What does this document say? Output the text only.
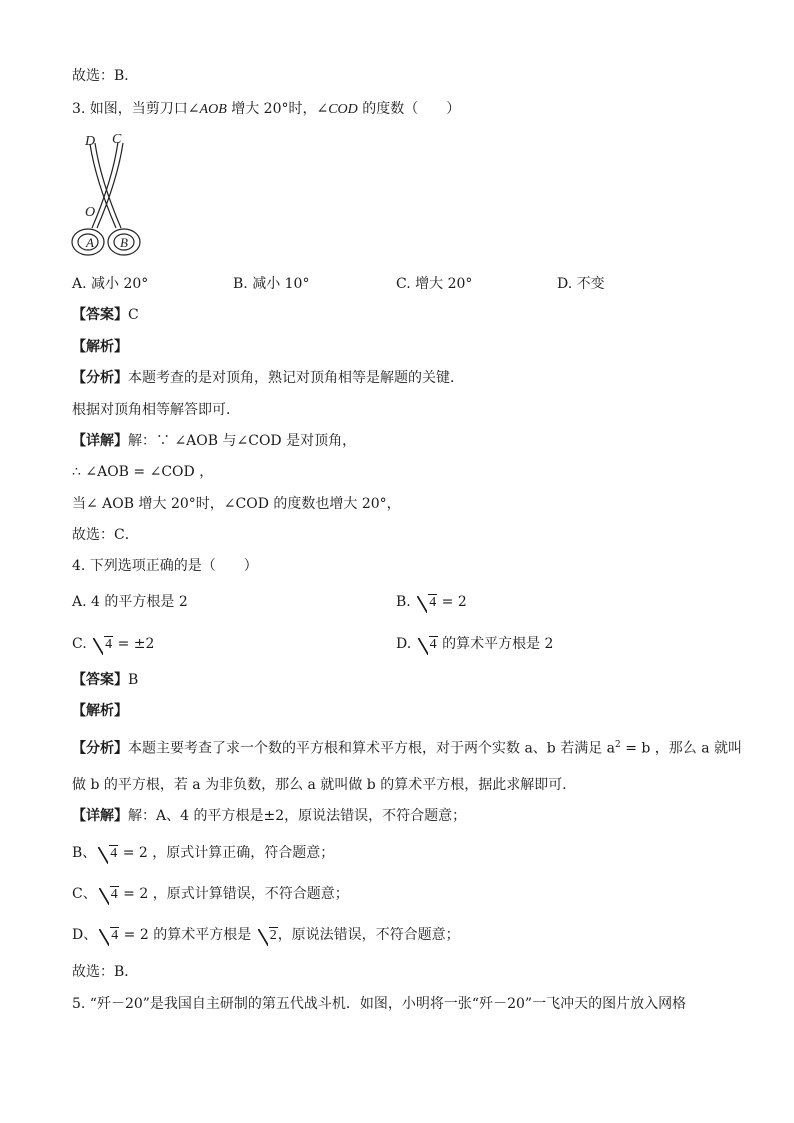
故选：B．
3. 如图，当剪刀口∠AOB 增大 20°时，∠COD 的度数（　　）
D C
O
A B
A. 减小 20°	B. 减小 10°	C. 增大 20°	D. 不变
【答案】C
【解析】
【分析】本题考查的是对顶角，熟记对顶角相等是解题的关键．
根据对顶角相等解答即可．
【详解】解：∵ ∠AOB 与∠COD 是对顶角，
∴ ∠AOB = ∠COD ，
当∠ AOB 增大 20°时，∠COD 的度数也增大 20°，
故选：C．
4. 下列选项正确的是（　　）
A. 4 的平方根是 2	B. 4 = 2
C. 4 = ±2	D. 4 的算术平方根是 2
【答案】B
【解析】
【分析】本题主要考查了求一个数的平方根和算术平方根，对于两个实数 a、b 若满足 $a^2 = b$ ，那么 a 就叫
做 b 的平方根，若 a 为非负数，那么 a 就叫做 b 的算术平方根，据此求解即可．
【详解】解：A、4 的平方根是±2，原说法错误，不符合题意；
B、 4 = 2 ，原式计算正确，符合题意；
C、 4 = 2 ，原式计算错误，不符合题意；
D、 4 = 2 的算术平方根是 2，原说法错误，不符合题意；
故选：B．
5. “歼－20”是我国自主研制的第五代战斗机．如图，小明将一张“歼－20”一飞冲天的图片放入网格
